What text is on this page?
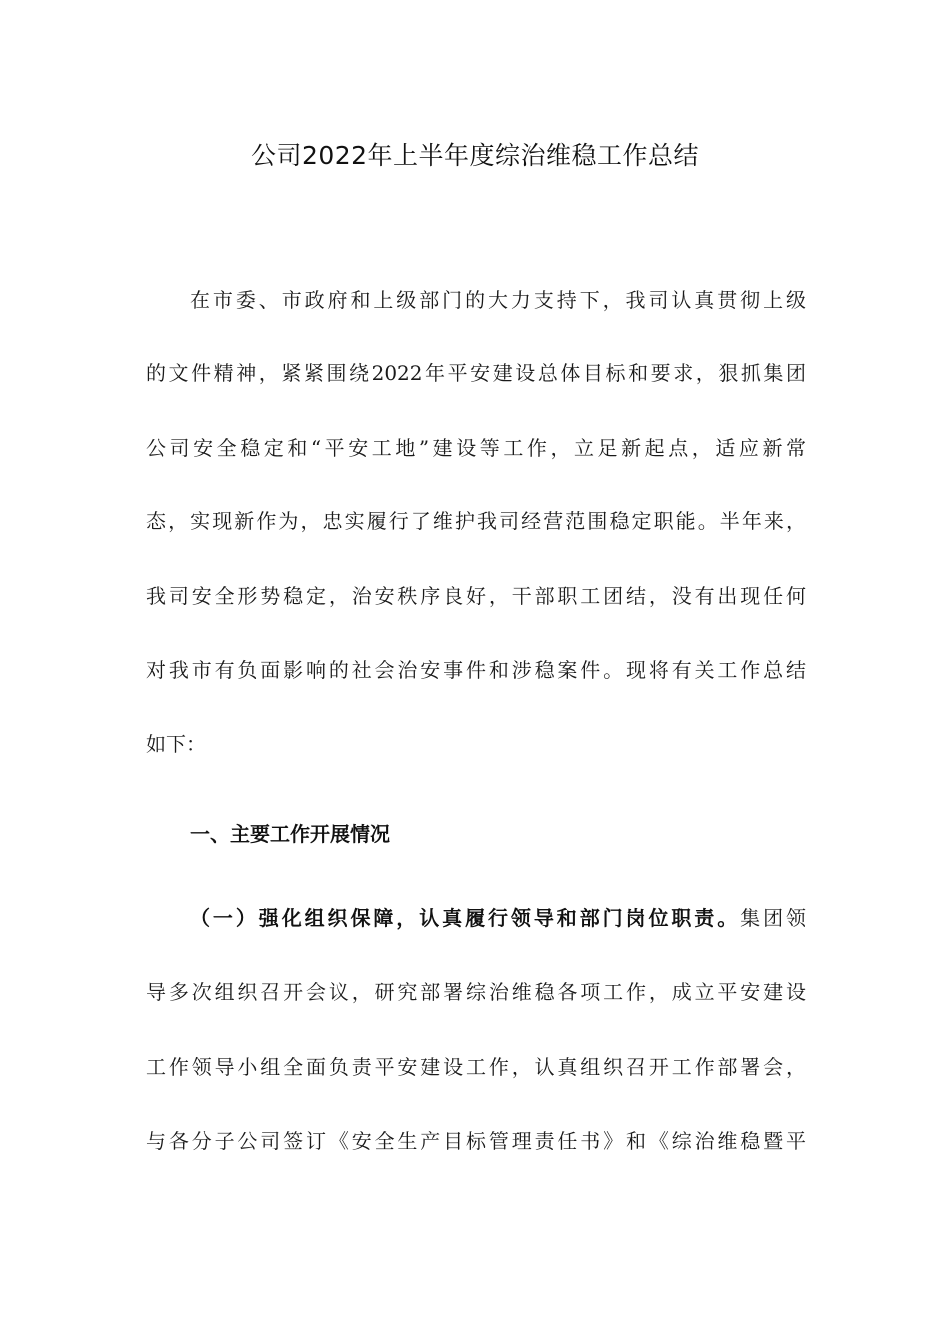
公司2022年上半年度综治维稳工作总结
在市委、市政府和上级部门的大力支持下，我司认真贯彻上级
的文件精神，紧紧围绕2022年平安建设总体目标和要求，狠抓集团
公司安全稳定和“平安工地”建设等工作，立足新起点，适应新常
态，实现新作为，忠实履行了维护我司经营范围稳定职能。半年来，
我司安全形势稳定，治安秩序良好，干部职工团结，没有出现任何
对我市有负面影响的社会治安事件和涉稳案件。现将有关工作总结
如下：
一、主要工作开展情况
（一）强化组织保障，认真履行领导和部门岗位职责。集团领
导多次组织召开会议，研究部署综治维稳各项工作，成立平安建设
工作领导小组全面负责平安建设工作，认真组织召开工作部署会，
与各分子公司签订《安全生产目标管理责任书》和《综治维稳暨平
